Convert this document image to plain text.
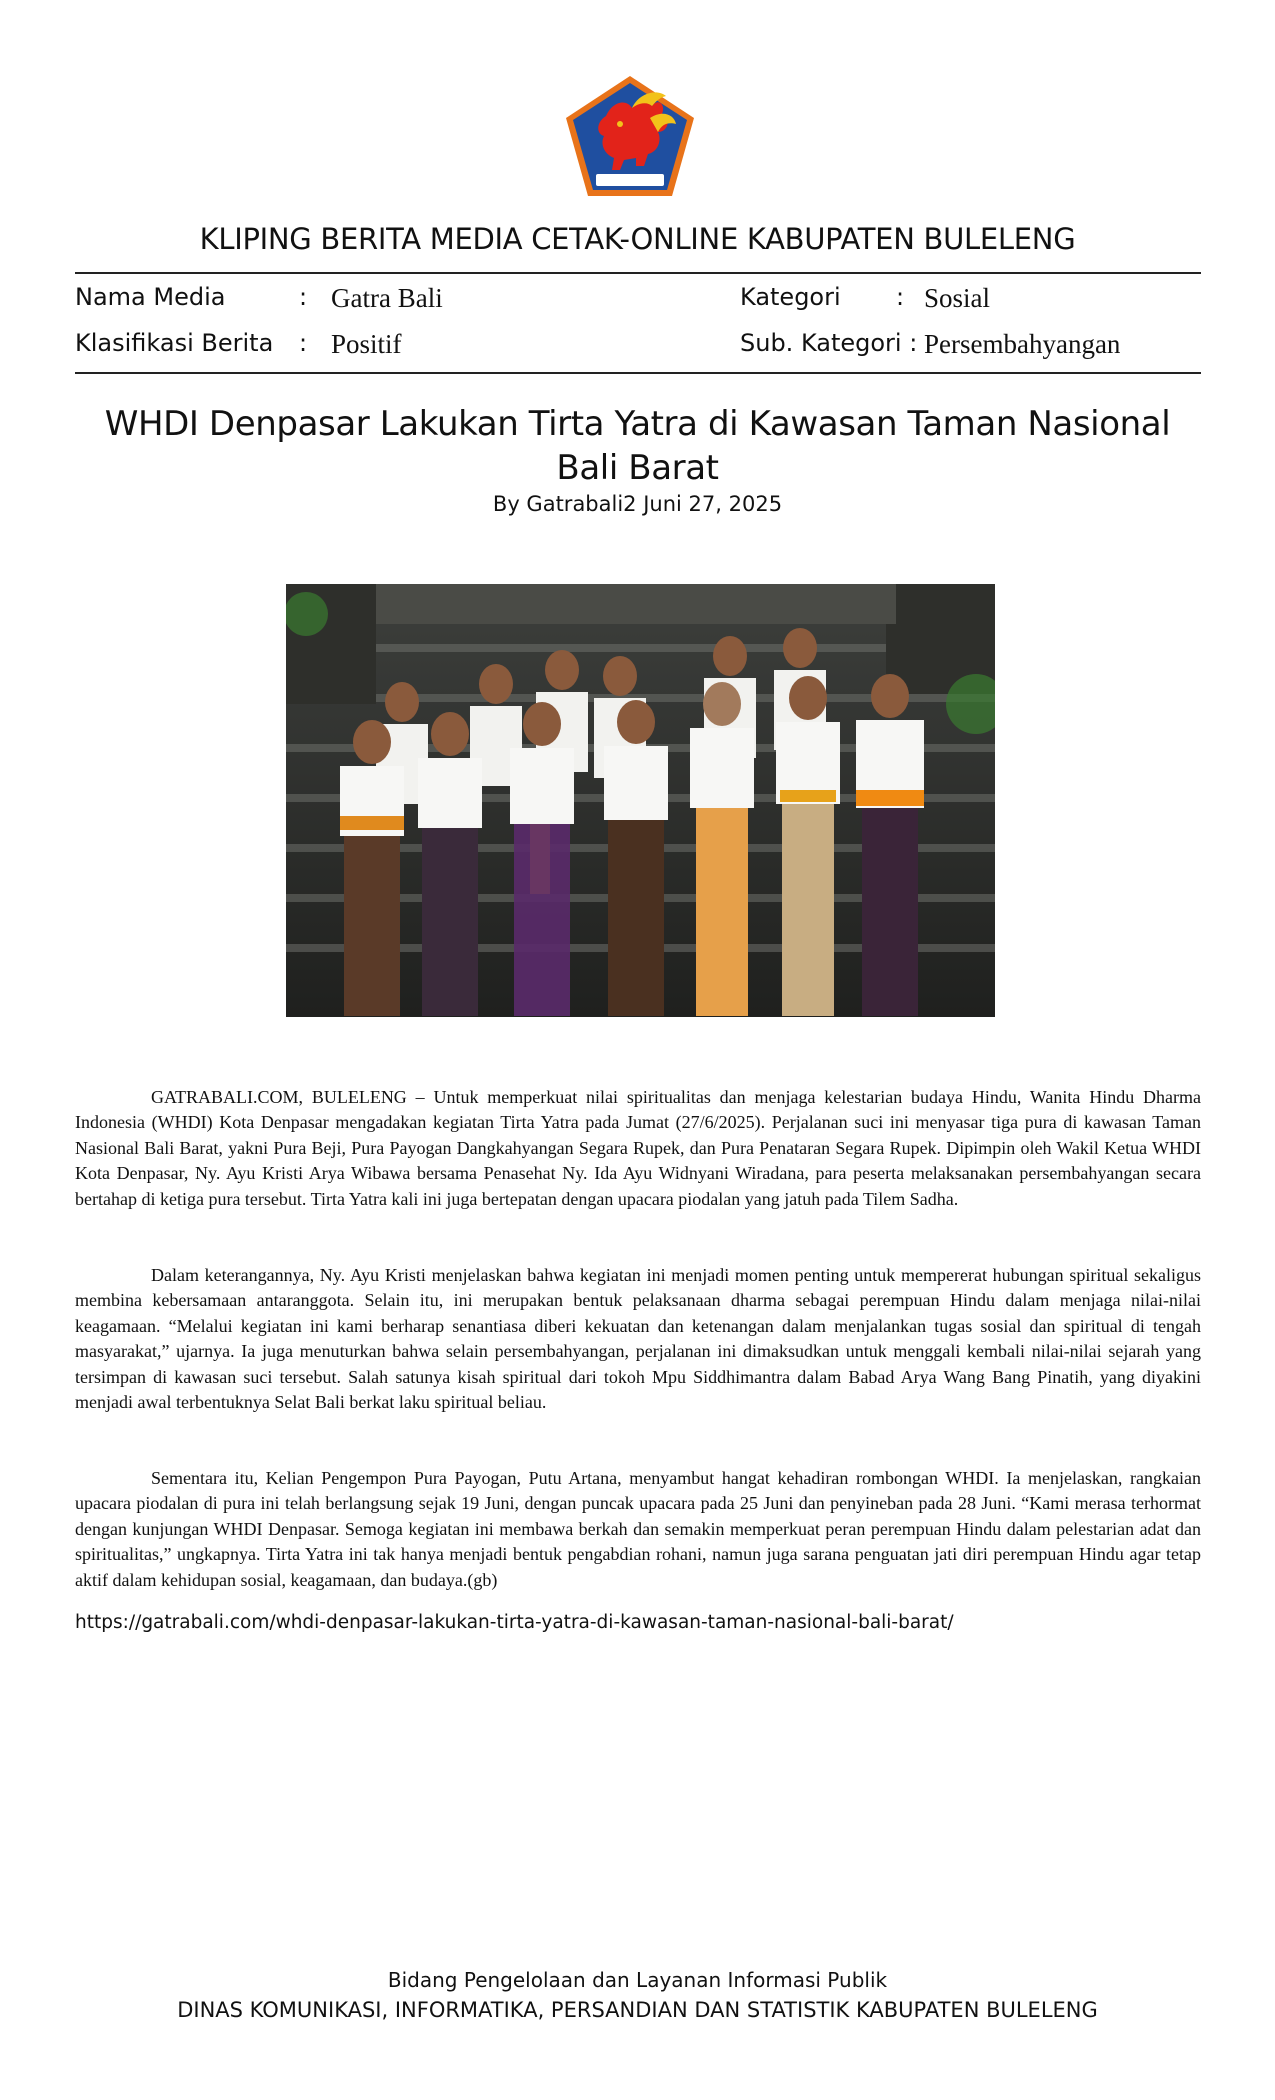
KLIPING BERITA MEDIA CETAK-ONLINE KABUPATEN BULELENG
Nama Media	: Gatra Bali	Kategori : Sosial
Klasifikasi Berita : Positif	Sub. Kategori : Persembahyangan
WHDI Denpasar Lakukan Tirta Yatra di Kawasan Taman Nasional
Bali Barat
By Gatrabali2 Juni 27, 2025

GATRABALI.COM, BULELENG – Untuk memperkuat nilai spiritualitas dan menjaga kelestarian budaya Hindu, Wanita Hindu Dharma Indonesia (WHDI) Kota Denpasar mengadakan kegiatan Tirta Yatra pada Jumat (27/6/2025). Perjalanan suci ini menyasar tiga pura di kawasan Taman Nasional Bali Barat, yakni Pura Beji, Pura Payogan Dangkahyangan Segara Rupek, dan Pura Penataran Segara Rupek. Dipimpin oleh Wakil Ketua WHDI Kota Denpasar, Ny. Ayu Kristi Arya Wibawa bersama Penasehat Ny. Ida Ayu Widnyani Wiradana, para peserta melaksanakan persembahyangan secara bertahap di ketiga pura tersebut. Tirta Yatra kali ini juga bertepatan dengan upacara piodalan yang jatuh pada Tilem Sadha.

Dalam keterangannya, Ny. Ayu Kristi menjelaskan bahwa kegiatan ini menjadi momen penting untuk mempererat hubungan spiritual sekaligus membina kebersamaan antaranggota. Selain itu, ini merupakan bentuk pelaksanaan dharma sebagai perempuan Hindu dalam menjaga nilai-nilai keagamaan. “Melalui kegiatan ini kami berharap senantiasa diberi kekuatan dan ketenangan dalam menjalankan tugas sosial dan spiritual di tengah masyarakat,” ujarnya. Ia juga menuturkan bahwa selain persembahyangan, perjalanan ini dimaksudkan untuk menggali kembali nilai-nilai sejarah yang tersimpan di kawasan suci tersebut. Salah satunya kisah spiritual dari tokoh Mpu Siddhimantra dalam Babad Arya Wang Bang Pinatih, yang diyakini menjadi awal terbentuknya Selat Bali berkat laku spiritual beliau.

Sementara itu, Kelian Pengempon Pura Payogan, Putu Artana, menyambut hangat kehadiran rombongan WHDI. Ia menjelaskan, rangkaian upacara piodalan di pura ini telah berlangsung sejak 19 Juni, dengan puncak upacara pada 25 Juni dan penyineban pada 28 Juni. “Kami merasa terhormat dengan kunjungan WHDI Denpasar. Semoga kegiatan ini membawa berkah dan semakin memperkuat peran perempuan Hindu dalam pelestarian adat dan spiritualitas,” ungkapnya. Tirta Yatra ini tak hanya menjadi bentuk pengabdian rohani, namun juga sarana penguatan jati diri perempuan Hindu agar tetap aktif dalam kehidupan sosial, keagamaan, dan budaya.(gb)

https://gatrabali.com/whdi-denpasar-lakukan-tirta-yatra-di-kawasan-taman-nasional-bali-barat/
Bidang Pengelolaan dan Layanan Informasi Publik
DINAS KOMUNIKASI, INFORMATIKA, PERSANDIAN DAN STATISTIK KABUPATEN BULELENG
